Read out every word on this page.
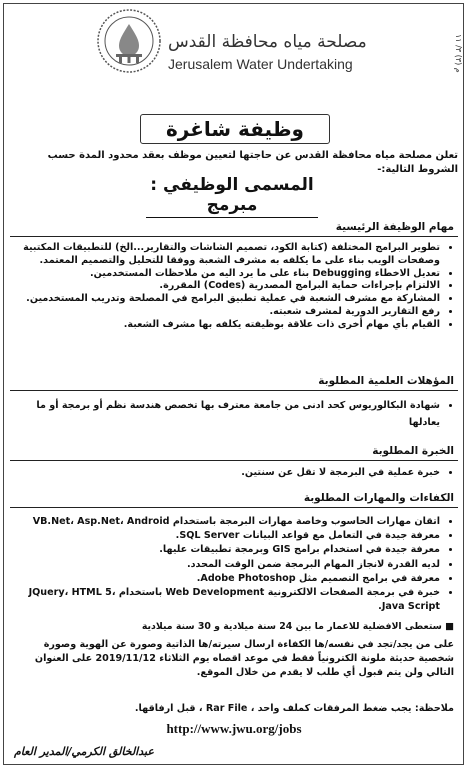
مصلحة مياه محافظة القدس
Jerusalem Water Undertaking
م (٣) ٣/ ١١
وظيفة شاغرة
تعلن مصلحة مياه محافظة القدس عن حاجتها لتعيين موظف بعقد محدود المدة حسب الشروط التالية:-
المسمى الوظيفي : مبرمج
مهام الوظيفة الرئيسية
• تطوير البرامج المختلفة (كتابة الكود، تصميم الشاشات والتقارير...الخ) للتطبيقات المكتبية وصفحات الويب بناء على ما يكلفه به مشرف الشعبة ووفقا للتحليل والتصميم المعتمد.
• تعديل الاخطاء Debugging بناء على ما يرد اليه من ملاحظات المستخدمين.
• الالتزام بإجراءات حماية البرامج المصدرية (Codes) المقررة.
• المشاركة مع مشرف الشعبة في عملية تطبيق البرامج في المصلحة وتدريب المستخدمين.
• رفع التقارير الدورية لمشرف شعبته.
• القيام بأي مهام أخرى ذات علاقة بوظيفته يكلفه بها مشرف الشعبة.
المؤهلات العلمية المطلوبة
• شهادة البكالوريوس كحد ادنى من جامعة معترف بها تخصص هندسة نظم أو برمجة أو ما يعادلها
الخبرة المطلوبة
• خبرة عملية في البرمجة لا تقل عن سنتين.
الكفاءات والمهارات المطلوبة
• اتقان مهارات الحاسوب وخاصة مهارات البرمجة باستخدام VB.Net، Asp.Net، Android
• معرفة جيدة في التعامل مع قواعد البيانات SQL Server.
• معرفة جيدة في استخدام برامج GIS وبرمجة تطبيقات عليها.
• لديه القدرة لانجاز المهام البرمجة ضمن الوقت المحدد.
• معرفة في برامج التصميم مثل Adobe Photoshop.
• خبرة في برمجة الصفحات الالكترونية Web Development باستخدام JQuery، HTML 5، Java Script.
■ ستعطى الافضلية للاعمار ما بين 24 سنة ميلادية و 30 سنة ميلادية
على من يجد/تجد في نفسه/ها الكفاءة ارسال سيرته/ها الذاتية وصورة عن الهوية وصورة شخصية حديثة ملونة الكترونياً فقط في موعد اقصاه يوم الثلاثاء 2019/11/12 على العنوان التالي ولن يتم قبول أي طلب لا يقدم من خلال الموقع.
ملاحظة: يجب ضغط المرفقات كملف واحد ، Rar File ، قبل ارفاقها.
http://www.jwu.org/jobs
عبدالخالق الكرمي/المدير العام
